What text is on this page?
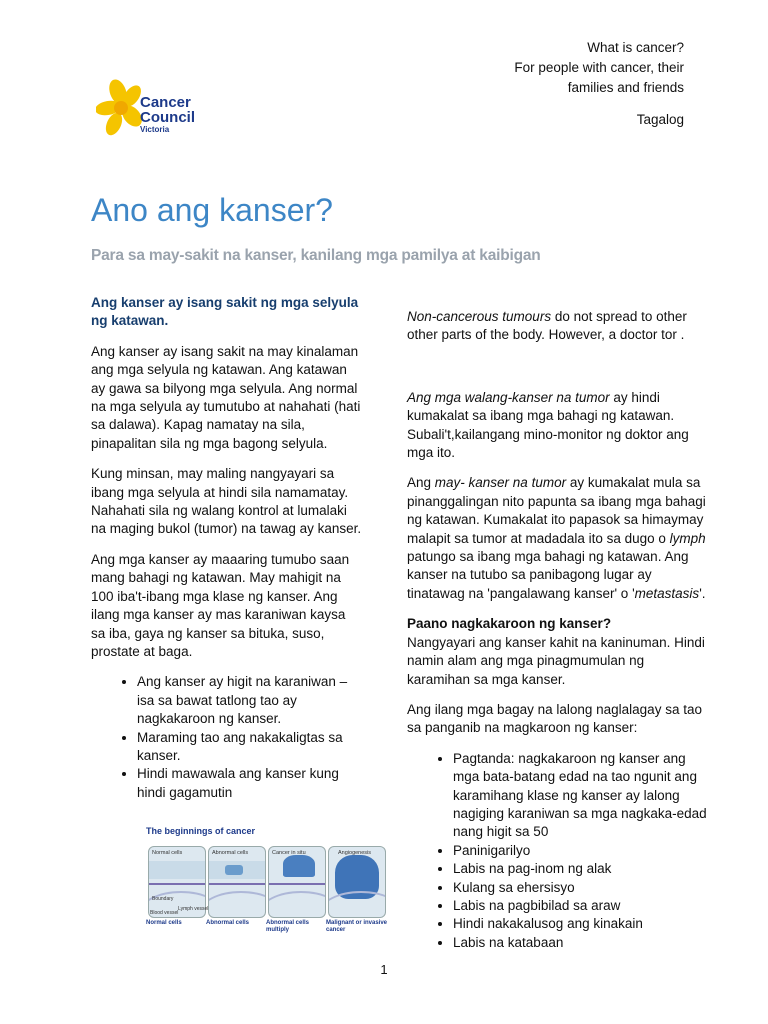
Cancer
Council
Victoria
What is cancer?
For people with cancer, their
families and friends
Tagalog
Ano ang kanser?
Para sa may-sakit na kanser, kanilang mga pamilya at kaibigan

Ang kanser ay isang sakit ng mga selyula ng katawan.

Ang kanser ay isang sakit na may kinalaman ang mga selyula ng katawan. Ang katawan ay gawa sa bilyong mga selyula. Ang normal na mga selyula ay tumutubo at nahahati (hati sa dalawa). Kapag namatay na sila, pinapalitan sila ng mga bagong selyula.

Kung minsan, may maling nangyayari sa ibang mga selyula at hindi sila namamatay. Nahahati sila ng walang kontrol at lumalaki na maging bukol (tumor) na tawag ay kanser.

Ang mga kanser ay maaaring tumubo saan mang bahagi ng katawan. May mahigit na 100 iba't-ibang mga klase ng kanser. Ang ilang mga kanser ay mas karaniwan kaysa sa iba, gaya ng kanser sa bituka, suso, prostate at baga.

• Ang kanser ay higit na karaniwan – isa sa bawat tatlong tao ay nagkakaroon ng kanser.
• Maraming tao ang nakakaligtas sa kanser.
• Hindi mawawala ang kanser kung hindi gagamutin
The beginnings of cancer
Normal cells	Abnormal cells	Abnormal cells multiply
Malignant or invasive cancer
Normal cells	Abnormal cells	Cancer in situ	Angiogenesis
Boundary
Lymph vessel
Blood vessel

Non-cancerous tumours do not spread to other other parts of the body. However, a doctor tor .

Ang mga walang-kanser na tumor ay hindi kumakalat sa ibang mga bahagi ng katawan. Subali't,kailangang mino-monitor ng doktor ang mga ito.

Ang may- kanser na tumor ay kumakalat mula sa pinanggalingan nito papunta sa ibang mga bahagi ng katawan. Kumakalat ito papasok sa himaymay malapit sa tumor at madadala ito sa dugo o lymph patungo sa ibang mga bahagi ng katawan. Ang kanser na tutubo sa panibagong lugar ay tinatawag na 'pangalawang kanser' o 'metastasis'.

Paano nagkakaroon ng kanser?
Nangyayari ang kanser kahit na kaninuman. Hindi namin alam ang mga pinagmumulan ng karamihan sa mga kanser.

Ang ilang mga bagay na lalong naglalagay sa tao sa panganib na magkaroon ng kanser:

• Pagtanda: nagkakaroon ng kanser ang mga bata-batang edad na tao ngunit ang karamihang klase ng kanser ay lalong nagiging karaniwan sa mga nagkaka-edad nang higit sa 50
• Paninigarilyo
• Labis na pag-inom ng alak
• Kulang sa ehersisyo
• Labis na pagbibilad sa araw
• Hindi nakakalusog ang kinakain
• Labis na katabaan
1
